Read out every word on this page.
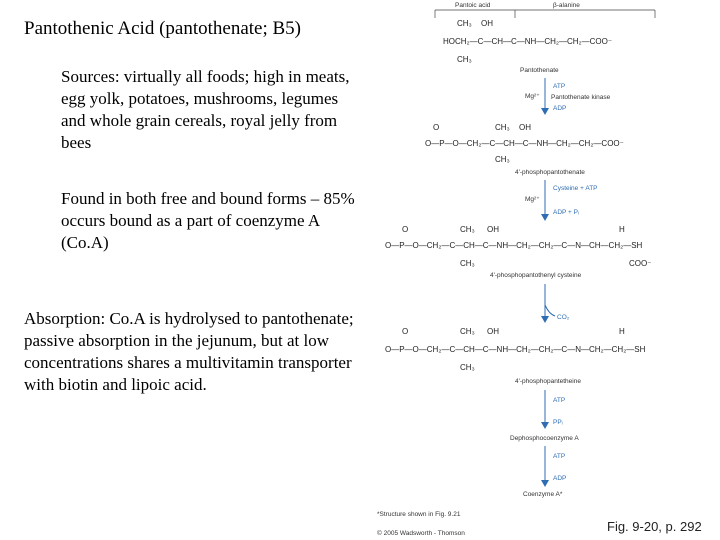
Pantothenic Acid (pantothenate; B5)
Sources: virtually all foods; high in meats, egg yolk, potatoes, mushrooms, legumes and whole grain cereals, royal jelly from bees
Found in both free and bound forms – 85% occurs bound as a part of coenzyme A (Co.A)
Absorption: Co.A is hydrolysed to pantothenate; passive absorption in the jejunum, but at low concentrations shares a multivitamin transporter with biotin and lipoic acid.
Pantoic acid	β-alanine
CH₃ OH
HOCH₂—C—CH—C—NH—CH₂—CH₂—COO⁻
CH₃
Pantothenate
ATP
Mg²⁺ Pantothenate kinase
ADP
O	CH₃ OH
O—P—O—CH₂—C—CH—C—NH—CH₂—CH₂—COO⁻
CH₃
4'-phosphopantothenate
Cysteine + ATP
Mg²⁺
ADP + Pᵢ
O	CH₃ OH	H
O—P—O—CH₂—C—CH—C—NH—CH₂—CH₂—C—N—CH—CH₂—SH
CH₃	COO⁻
4'-phosphopantothenyl cysteine
CO₂
O	CH₃ OH	H
O—P—O—CH₂—C—CH—C—NH—CH₂—CH₂—C—N—CH₂—CH₂—SH
CH₃
4'-phosphopantetheine
ATP
PPᵢ
Dephosphocoenzyme A
ATP
ADP
Coenzyme A*
*Structure shown in Fig. 9.21
© 2005 Wadsworth - Thomson	Fig. 9-20, p. 292
